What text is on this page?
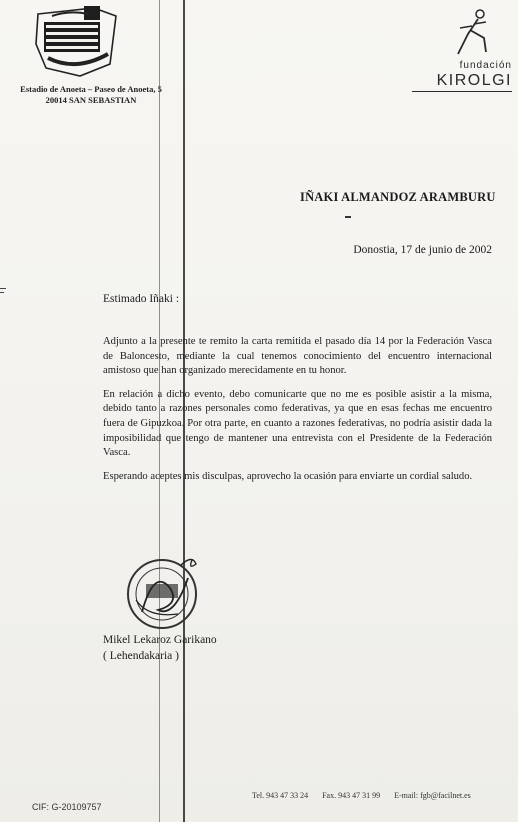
Estadio de Anoeta – Paseo de Anoeta, 5
20014 SAN SEBASTIAN
fundación
KIROLGI
IÑAKI ALMANDOZ ARAMBURU
Donostia, 17 de junio de 2002
Estimado Iñaki :

Adjunto a la presente te remito la carta remitida el pasado día 14 por la Federación Vasca de Baloncesto, mediante la cual tenemos conocimiento del encuentro internacional amistoso que han organizado merecidamente en tu honor.

En relación a dicho evento, debo comunicarte que no me es posible asistir a la misma, debido tanto a razones personales como federativas, ya que en esas fechas me encuentro fuera de Gipuzkoa. Por otra parte, en cuanto a razones federativas, no podría asistir dada la imposibilidad que tengo de mantener una entrevista con el Presidente de la Federación Vasca.

Esperando aceptes mis disculpas, aprovecho la ocasión para enviarte un cordial saludo.

Mikel Lekaroz Garikano
( Lehendakaria )
Tel. 943 47 33 24 Fax. 943 47 31 99 E-mail: fgb@facilnet.es
CIF: G-20109757
